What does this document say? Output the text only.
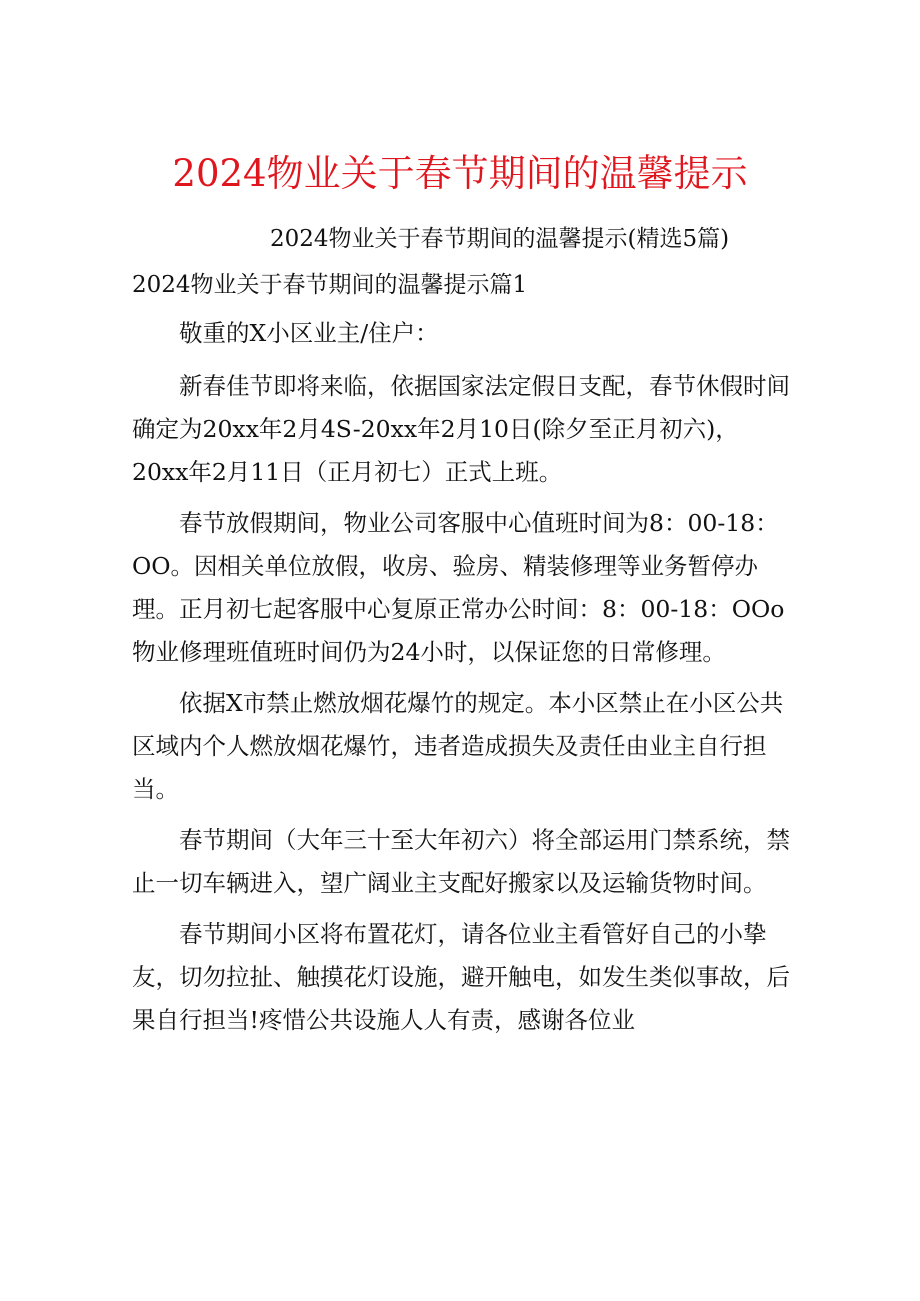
2024物业关于春节期间的温馨提示
2024物业关于春节期间的温馨提示(精选5篇)
2024物业关于春节期间的温馨提示篇1

敬重的X小区业主/住户：

新春佳节即将来临，依据国家法定假日支配，春节休假时间确定为20xx年2月4S-20xx年2月10日(除夕至正月初六)，20xx年2月11日（正月初七）正式上班。

春节放假期间，物业公司客服中心值班时间为8：00-18：OO。因相关单位放假，收房、验房、精装修理等业务暂停办理。正月初七起客服中心复原正常办公时间：8：00-18：OOo物业修理班值班时间仍为24小时，以保证您的日常修理。

依据X市禁止燃放烟花爆竹的规定。本小区禁止在小区公共区域内个人燃放烟花爆竹，违者造成损失及责任由业主自行担当。

春节期间（大年三十至大年初六）将全部运用门禁系统，禁止一切车辆进入，望广阔业主支配好搬家以及运输货物时间。

春节期间小区将布置花灯，请各位业主看管好自己的小挚友，切勿拉扯、触摸花灯设施，避开触电，如发生类似事故，后果自行担当!疼惜公共设施人人有责，感谢各位业
